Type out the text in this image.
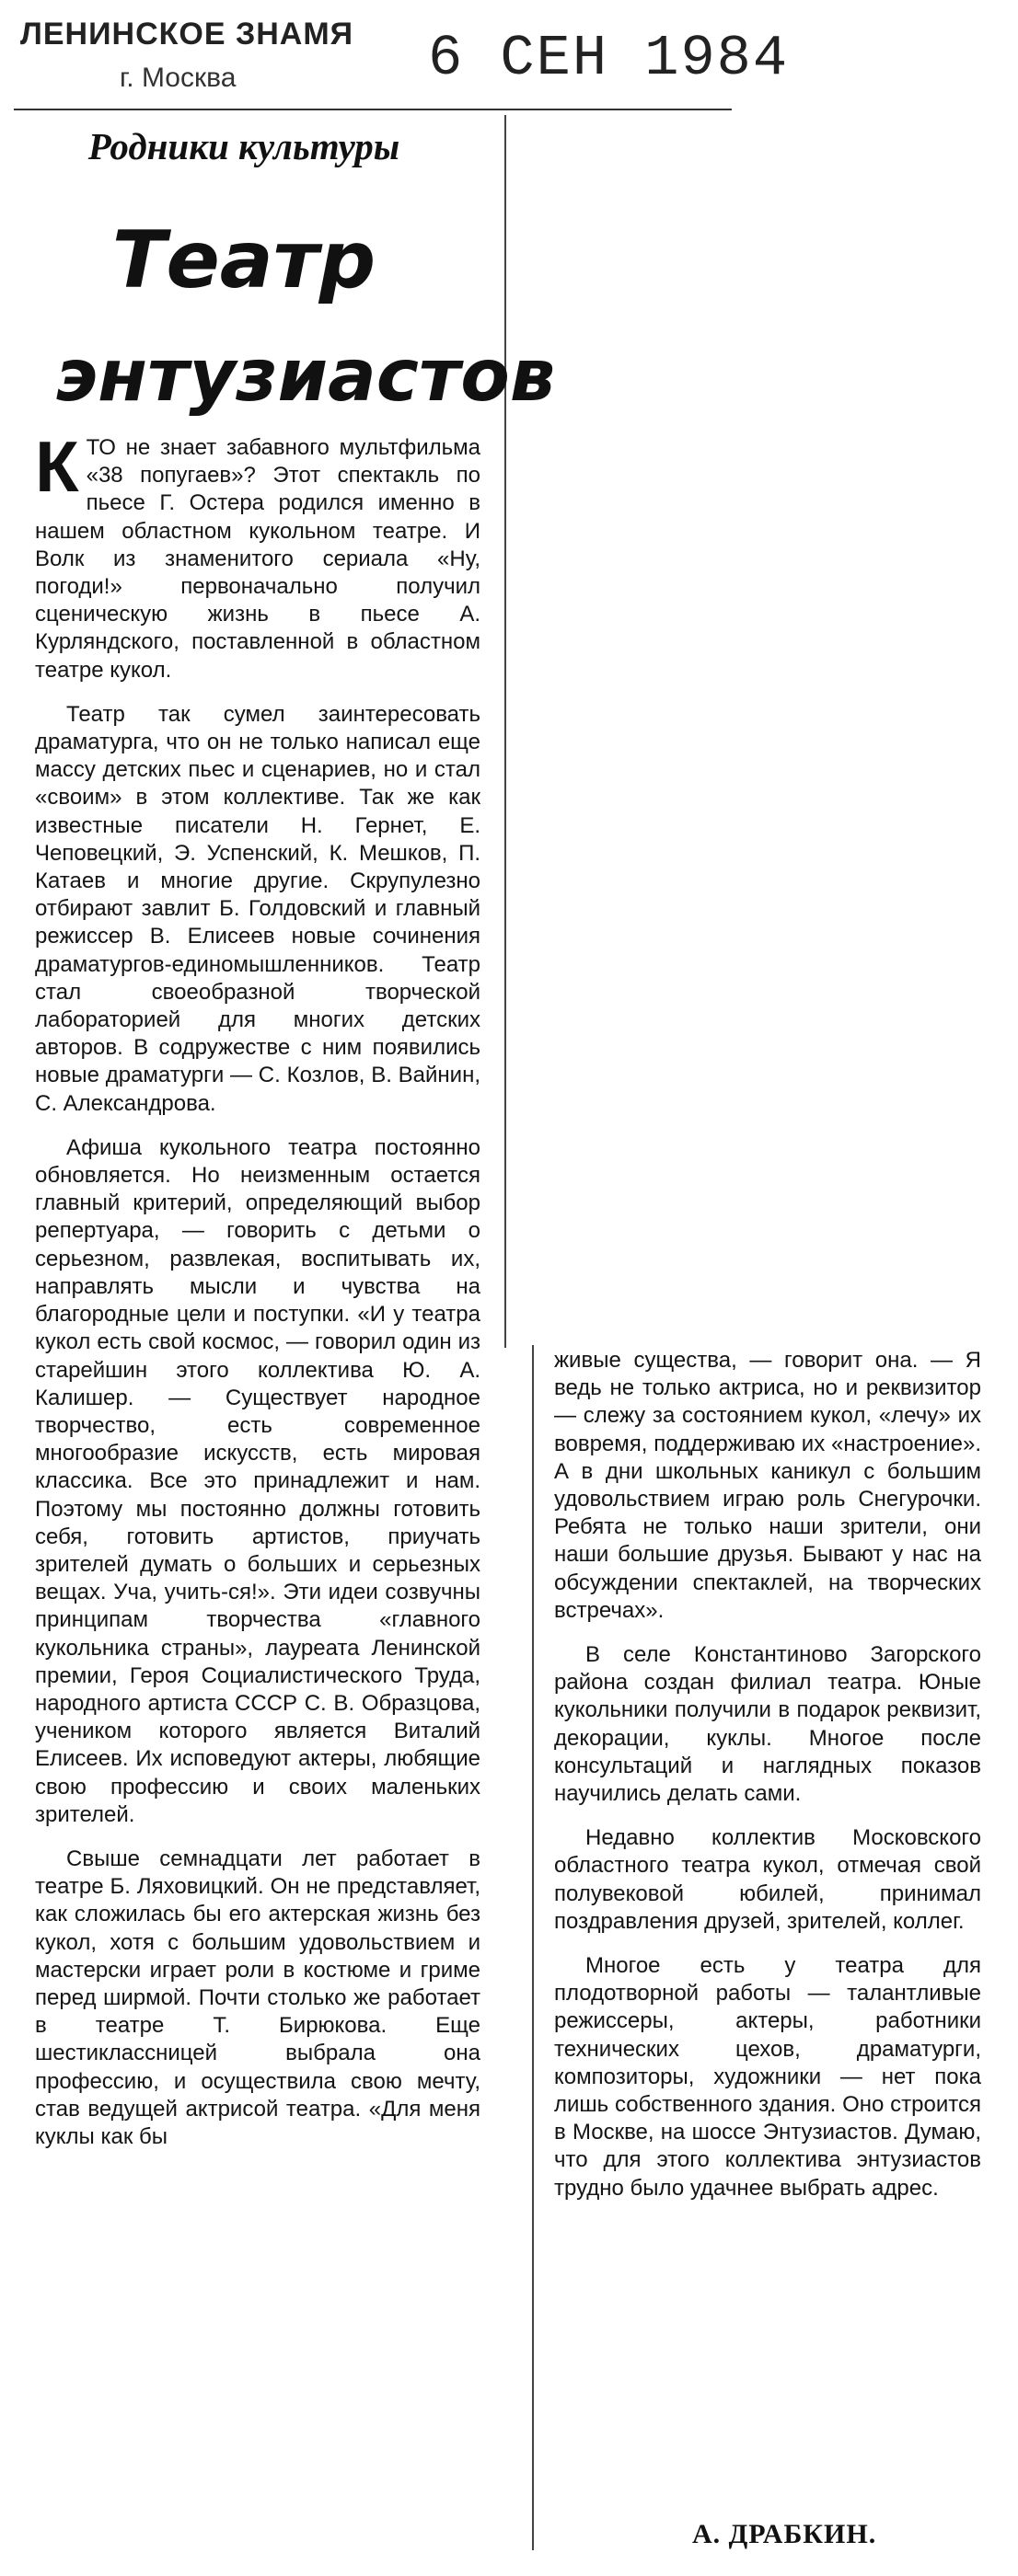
ЛЕНИНСКОЕ ЗНАМЯ
г. Москва	6 СЕН 1984
Родники культуры
Театр
энтузиастов

КТО не знает забавного мультфильма «38 попугаев»? Этот спектакль по пьесе Г. Остера родился именно в нашем областном кукольном театре. И Волк из знаменитого сериала «Ну, погоди!» первоначально получил сценическую жизнь в пьесе А. Курляндского, поставленной в областном театре кукол.

Театр так сумел заинтересовать драматурга, что он не только написал еще массу детских пьес и сценариев, но и стал «своим» в этом коллективе. Так же как известные писатели Н. Гернет, Е. Чеповецкий, Э. Успенский, К. Мешков, П. Катаев и многие другие. Скрупулезно отбирают завлит Б. Голдовский и главный режиссер В. Елисеев новые сочинения драматургов-единомышленников. Театр стал своеобразной творческой лабораторией для многих детских авторов. В содружестве с ним появились новые драматурги — С. Козлов, В. Вайнин, С. Александрова.

Афиша кукольного театра постоянно обновляется. Но неизменным остается главный критерий, определяющий выбор репертуара, — говорить с детьми о серьезном, развлекая, воспитывать их, направлять мысли и чувства на благородные цели и поступки. «И у театра кукол есть свой космос, — говорил один из старейшин этого коллектива Ю. А. Калишер. — Существует народное творчество, есть современное многообразие искусств, есть мировая классика. Все это принадлежит и нам. Поэтому мы постоянно должны готовить себя, готовить артистов, приучать зрителей думать о больших и серьезных вещах. Уча, учить-ся!». Эти идеи созвучны принципам творчества «главного кукольника страны», лауреата Ленинской премии, Героя Социалистического Труда, народного артиста СССР С. В. Образцова, учеником которого является Виталий Елисеев. Их исповедуют актеры, любящие свою профессию и своих маленьких зрителей.

Свыше семнадцати лет работает в театре Б. Ляховицкий. Он не представляет, как сложилась бы его актерская жизнь без кукол, хотя с большим удовольствием и мастерски играет роли в костюме и гриме перед ширмой. Почти столько же работает в театре Т. Бирюкова. Еще шестиклассницей выбрала она профессию, и осуществила свою мечту, став ведущей актрисой театра. «Для меня куклы как бы

живые существа, — говорит она. — Я ведь не только актриса, но и реквизитор — слежу за состоянием кукол, «лечу» их вовремя, поддерживаю их «настроение». А в дни школьных каникул с большим удовольствием играю роль Снегурочки. Ребята не только наши зрители, они наши большие друзья. Бывают у нас на обсуждении спектаклей, на творческих встречах».

В селе Константиново Загорского района создан филиал театра. Юные кукольники получили в подарок реквизит, декорации, куклы. Многое после консультаций и наглядных показов научились делать сами.

Недавно коллектив Московского областного театра кукол, отмечая свой полувековой юбилей, принимал поздравления друзей, зрителей, коллег.

Многое есть у театра для плодотворной работы — талантливые режиссеры, актеры, работники технических цехов, драматурги, композиторы, художники — нет пока лишь собственного здания. Оно строится в Москве, на шоссе Энтузиастов. Думаю, что для этого коллектива энтузиастов трудно было удачнее выбрать адрес.

А. ДРАБКИН.
